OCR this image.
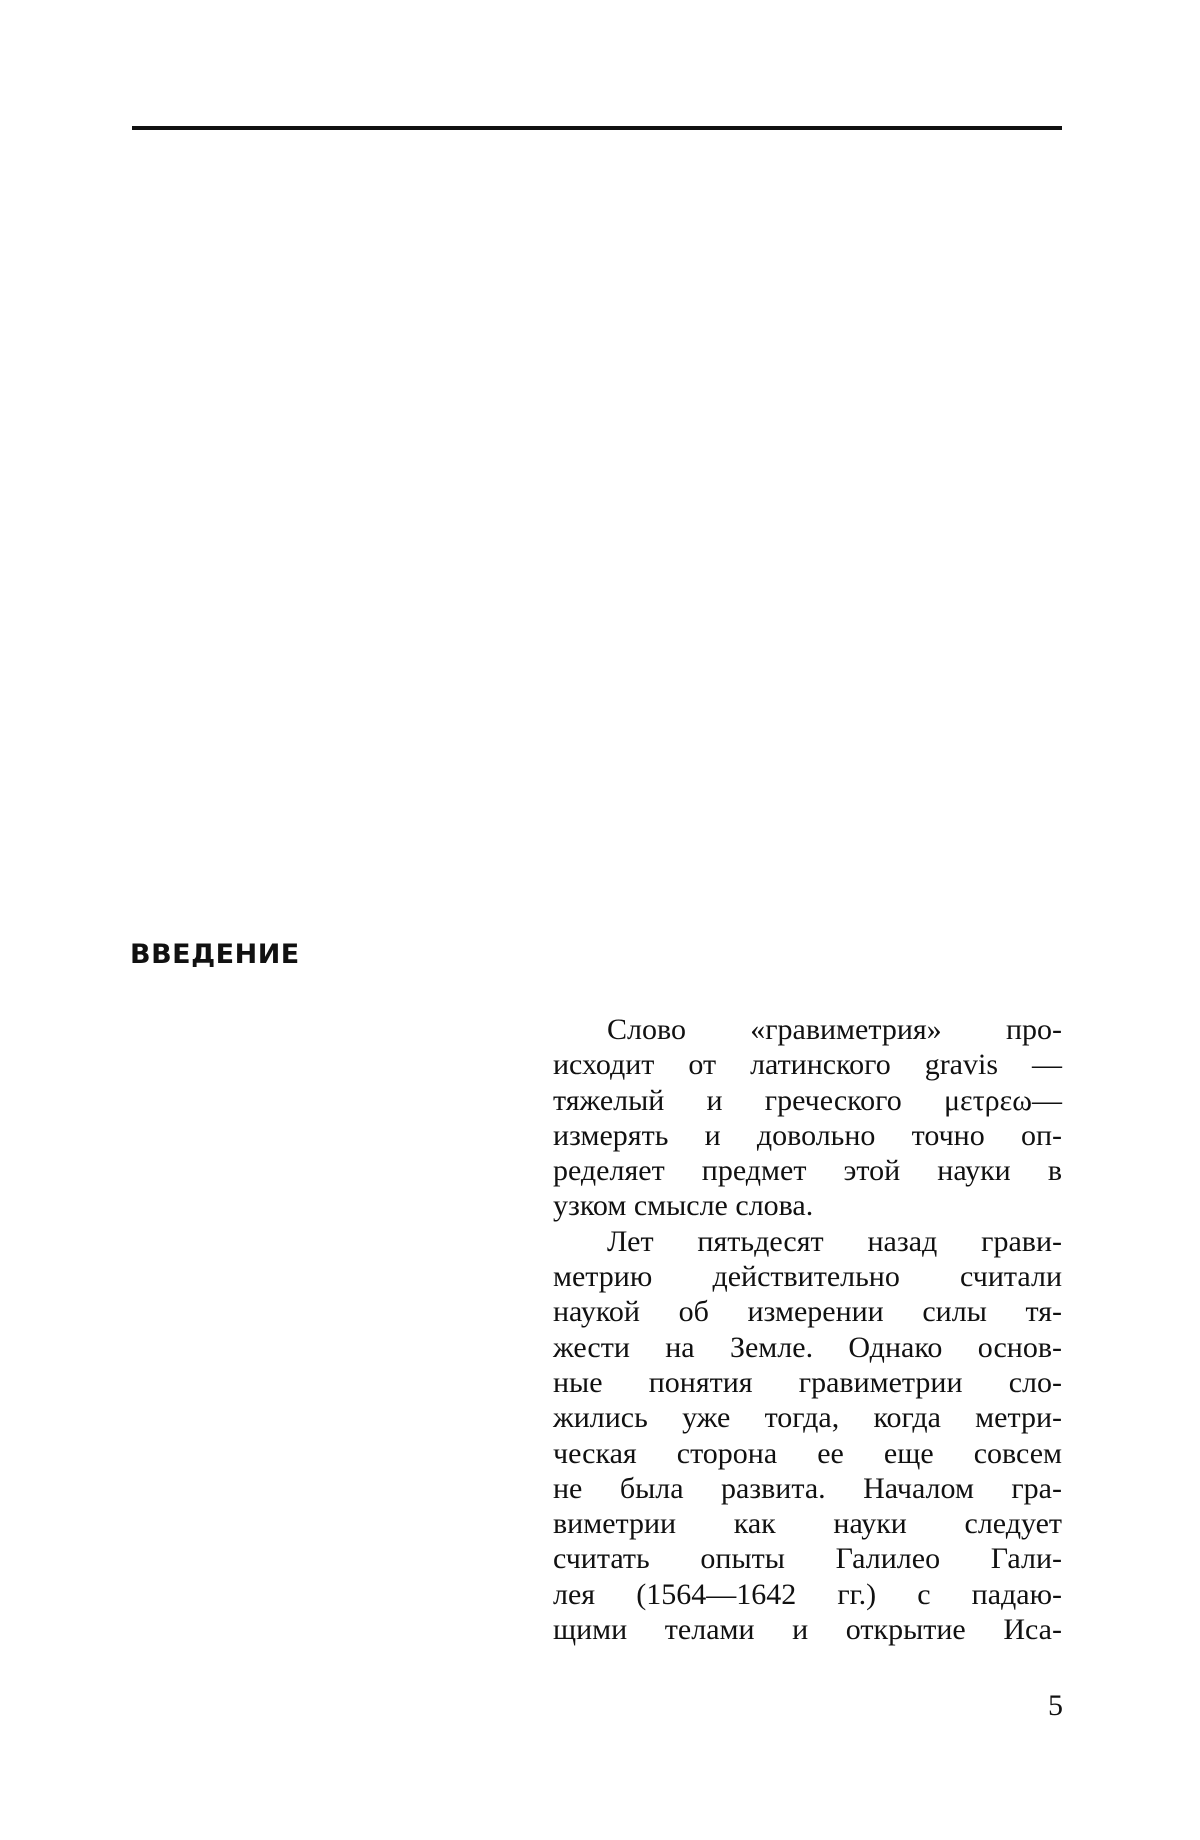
ВВЕДЕНИЕ
Слово «гравиметрия» про-
исходит от латинского gravis —
тяжелый и греческого μετρεω—
измерять и довольно точно оп-
ределяет предмет этой науки в
узком смысле слова.
Лет пятьдесят назад грави-
метрию действительно считали
наукой об измерении силы тя-
жести на Земле. Однако основ-
ные понятия гравиметрии сло-
жились уже тогда, когда метри-
ческая сторона ее еще совсем
не была развита. Началом гра-
виметрии как науки следует
считать опыты Галилео Гали-
лея (1564—1642 гг.) с падаю-
щими телами и открытие Иса-
5
